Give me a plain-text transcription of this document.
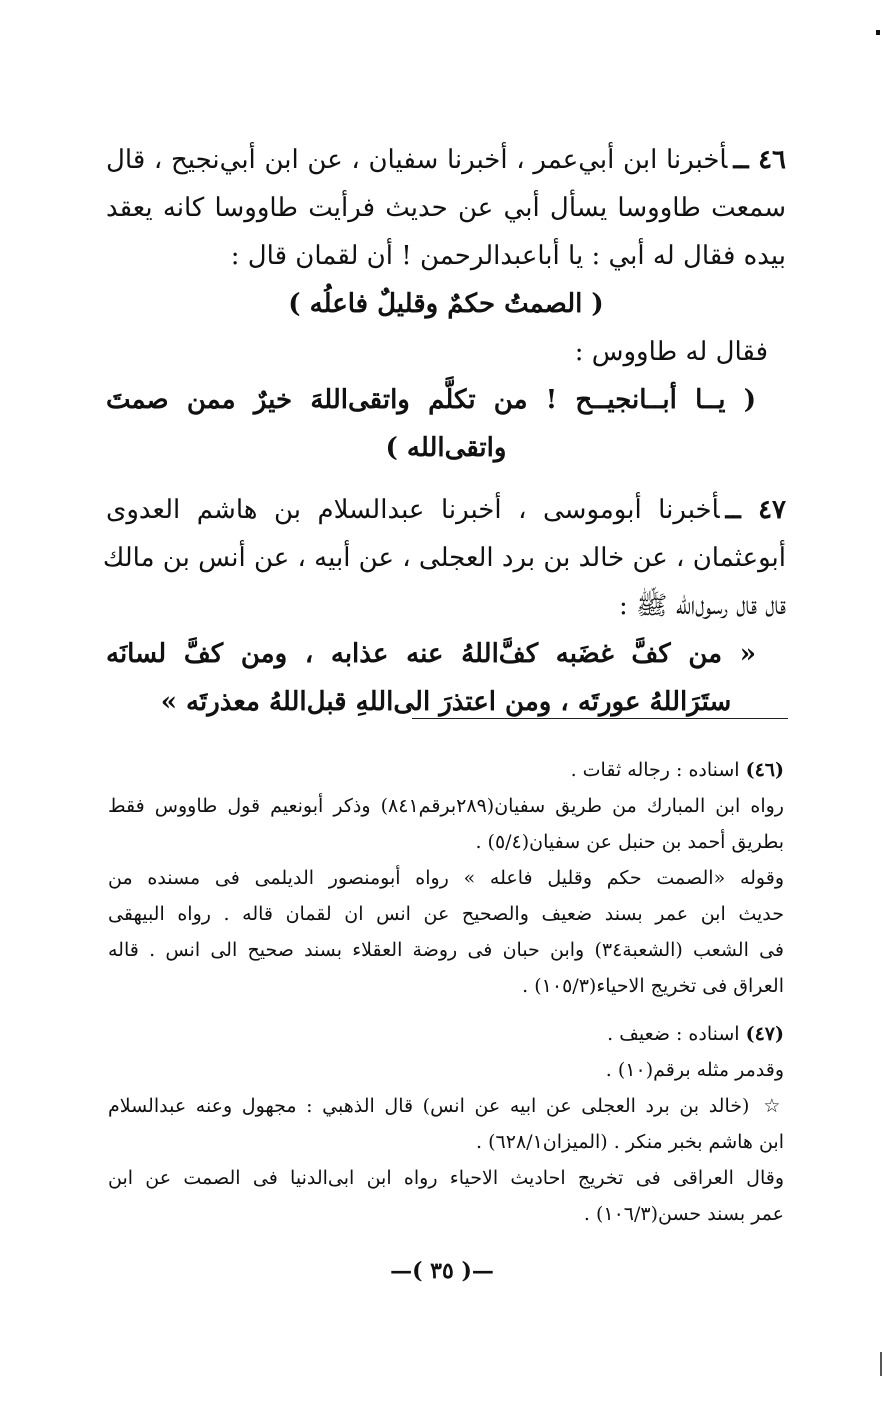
٤٦ ــأخبرنا ابن أبي‌عمر ، أخبرنا سفيان ، عن ابن أبي‌نجيح ، قال
سمعت طاووسا يسأل أبي عن حديث فرأيت طاووسا كانه يعقد
بيده فقال له أبي : يا أباعبدالرحمن ! أن لقمان قال :
( الصمتُ حكمٌ وقليلٌ فاعلُه )
فقال له طاووس :
( يــا أبــانجيــح ! من تكلَّم واتقى‌اللهَ خيرٌ ممن صمتَ
واتقى‌الله )
٤٧ ــأخبرنا أبوموسى ، أخبرنا عبدالسلام بن هاشم العدوى
أبوعثمان ، عن خالد بن برد العجلى ، عن أبيه ، عن أنس بن مالك
قال قال رسول‌الله ﷺ :
« من كفَّ غضَبه كفَّ‌اللهُ عنه عذابه ، ومن كفَّ لسانَه
ستَرَاللهُ عورتَه ، ومن اعتذرَ الى‌اللهِ قبل‌اللهُ معذرتَه »
(٤٦)اسناده : رجاله ثقات .
رواه ابن المبارك من طريق سفيان(٢٨٩برقم٨٤١) وذكر أبونعيم قول طاووس فقط
بطريق أحمد بن حنبل عن سفيان(٥/٤) .
وقوله «الصمت حكم وقليل فاعله » رواه أبومنصور الديلمى فى مسنده من
حديث ابن عمر بسند ضعيف والصحيح عن انس ان لقمان قاله . رواه البيهقى
فى الشعب (الشعبة٣٤) وابن حبان فى روضة العقلاء بسند صحيح الى انس . قاله
العراق فى تخريج الاحياء(١٠٥/٣) .
(٤٧)اسناده : ضعيف .
وقدمر مثله برقم(١٠) .
☆(خالد بن برد العجلى عن ابيه عن انس) قال الذهبي : مجهول وعنه عبدالسلام
ابن هاشم بخبر منكر . (الميزان٦٢٨/١) .
وقال العراقى فى تخريج احاديث الاحياء رواه ابن ابى‌الدنيا فى الصمت عن ابن
عمر بسند حسن(١٠٦/٣) .
—( ٣٥ )—
